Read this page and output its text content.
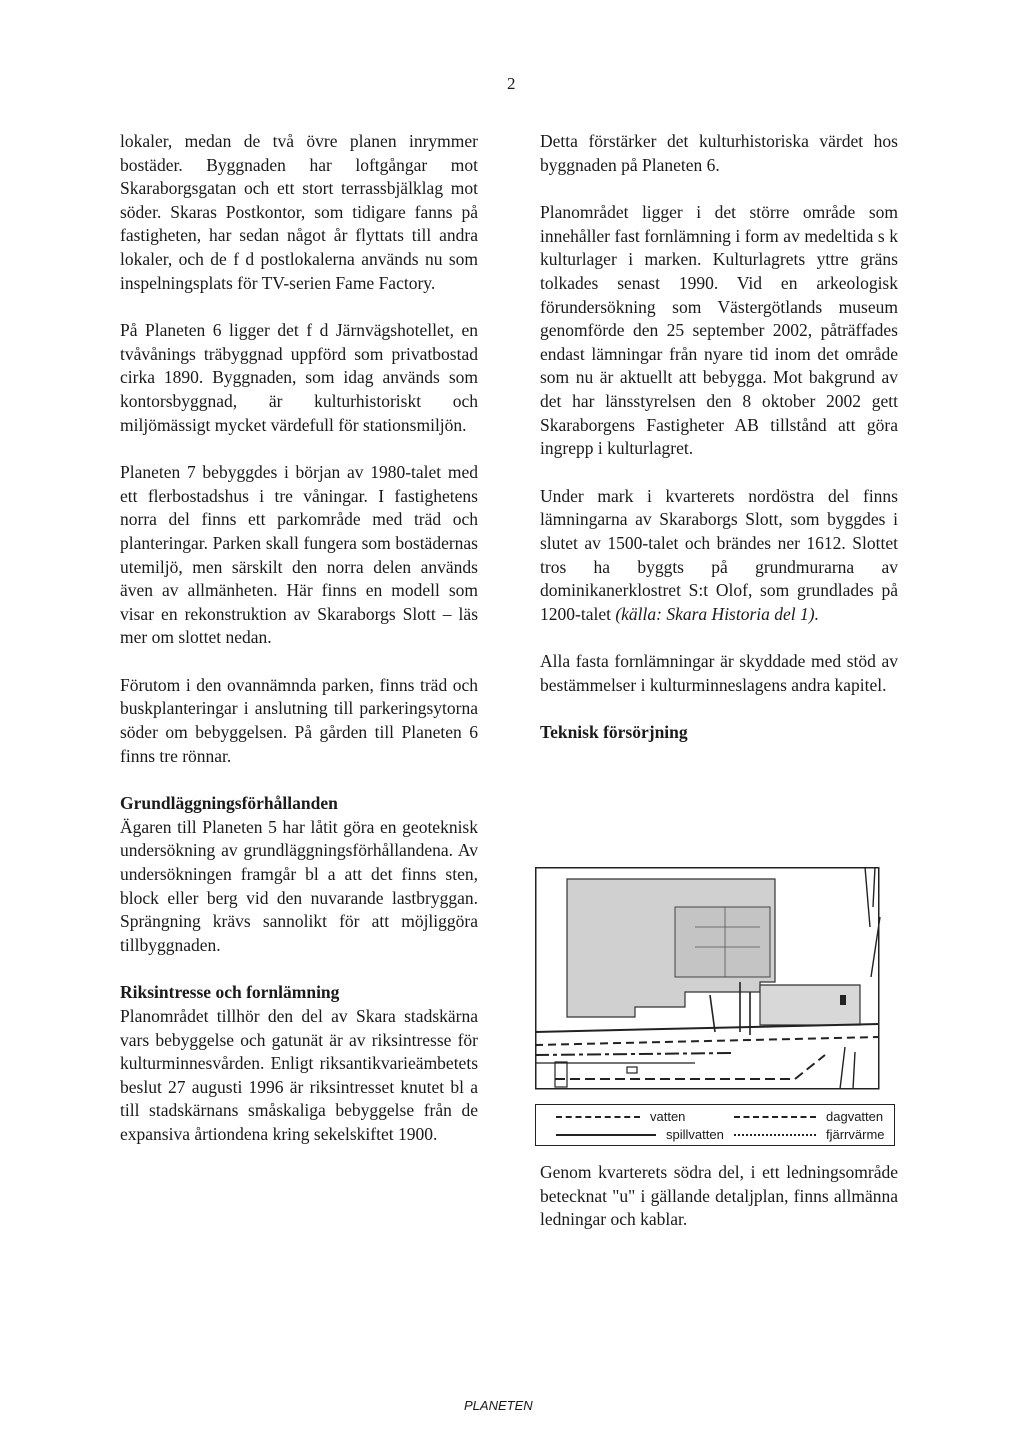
2

lokaler, medan de två övre planen inrymmer bostäder. Byggnaden har loftgångar mot Skaraborgsgatan och ett stort terrassbjälklag mot söder. Skaras Postkontor, som tidigare fanns på fastigheten, har sedan något år flyttats till andra lokaler, och de f d postlokalerna används nu som inspelningsplats för TV-serien Fame Factory.

På Planeten 6 ligger det f d Järnvägshotellet, en tvåvånings träbyggnad uppförd som privatbostad cirka 1890. Byggnaden, som idag används som kontorsbyggnad, är kulturhistoriskt och miljömässigt mycket värdefull för stationsmiljön.

Planeten 7 bebyggdes i början av 1980-talet med ett flerbostadshus i tre våningar. I fastighetens norra del finns ett parkområde med träd och planteringar. Parken skall fungera som bostädernas utemiljö, men särskilt den norra delen används även av allmänheten. Här finns en modell som visar en rekonstruktion av Skaraborgs Slott – läs mer om slottet nedan.

Förutom i den ovannämnda parken, finns träd och buskplanteringar i anslutning till parkeringsytorna söder om bebyggelsen. På gården till Planeten 6 finns tre rönnar.

Grundläggningsförhållanden

Ägaren till Planeten 5 har låtit göra en geoteknisk undersökning av grundläggningsförhållandena. Av undersökningen framgår bl a att det finns sten, block eller berg vid den nuvarande lastbryggan. Sprängning krävs sannolikt för att möjliggöra tillbyggnaden.

Riksintresse och fornlämning

Planområdet tillhör den del av Skara stadskärna vars bebyggelse och gatunät är av riksintresse för kulturminnesvården. Enligt riksantikvarieämbetets beslut 27 augusti 1996 är riksintresset knutet bl a till stadskärnans småskaliga bebyggelse från de expansiva årtiondena kring sekelskiftet 1900.

Detta förstärker det kulturhistoriska värdet hos byggnaden på Planeten 6.

Planområdet ligger i det större område som innehåller fast fornlämning i form av medeltida s k kulturlager i marken. Kulturlagrets yttre gräns tolkades senast 1990. Vid en arkeologisk förundersökning som Västergötlands museum genomförde den 25 september 2002, påträffades endast lämningar från nyare tid inom det område som nu är aktuellt att bebygga. Mot bakgrund av det har länsstyrelsen den 8 oktober 2002 gett Skaraborgens Fastigheter AB tillstånd att göra ingrepp i kulturlagret.

Under mark i kvarterets nordöstra del finns lämningarna av Skaraborgs Slott, som byggdes i slutet av 1500-talet och brändes ner 1612. Slottet tros ha byggts på grundmurarna av dominikanerklostret S:t Olof, som grundlades på 1200-talet (källa: Skara Historia del 1).

Alla fasta fornlämningar är skyddade med stöd av bestämmelser i kulturminneslagens andra kapitel.

Teknisk försörjning
vatten	dagvatten
spillvatten	fjärrvärme
Genom kvarterets södra del, i ett ledningsområde betecknat "u" i gällande detaljplan, finns allmänna ledningar och kablar.
PLANETEN
